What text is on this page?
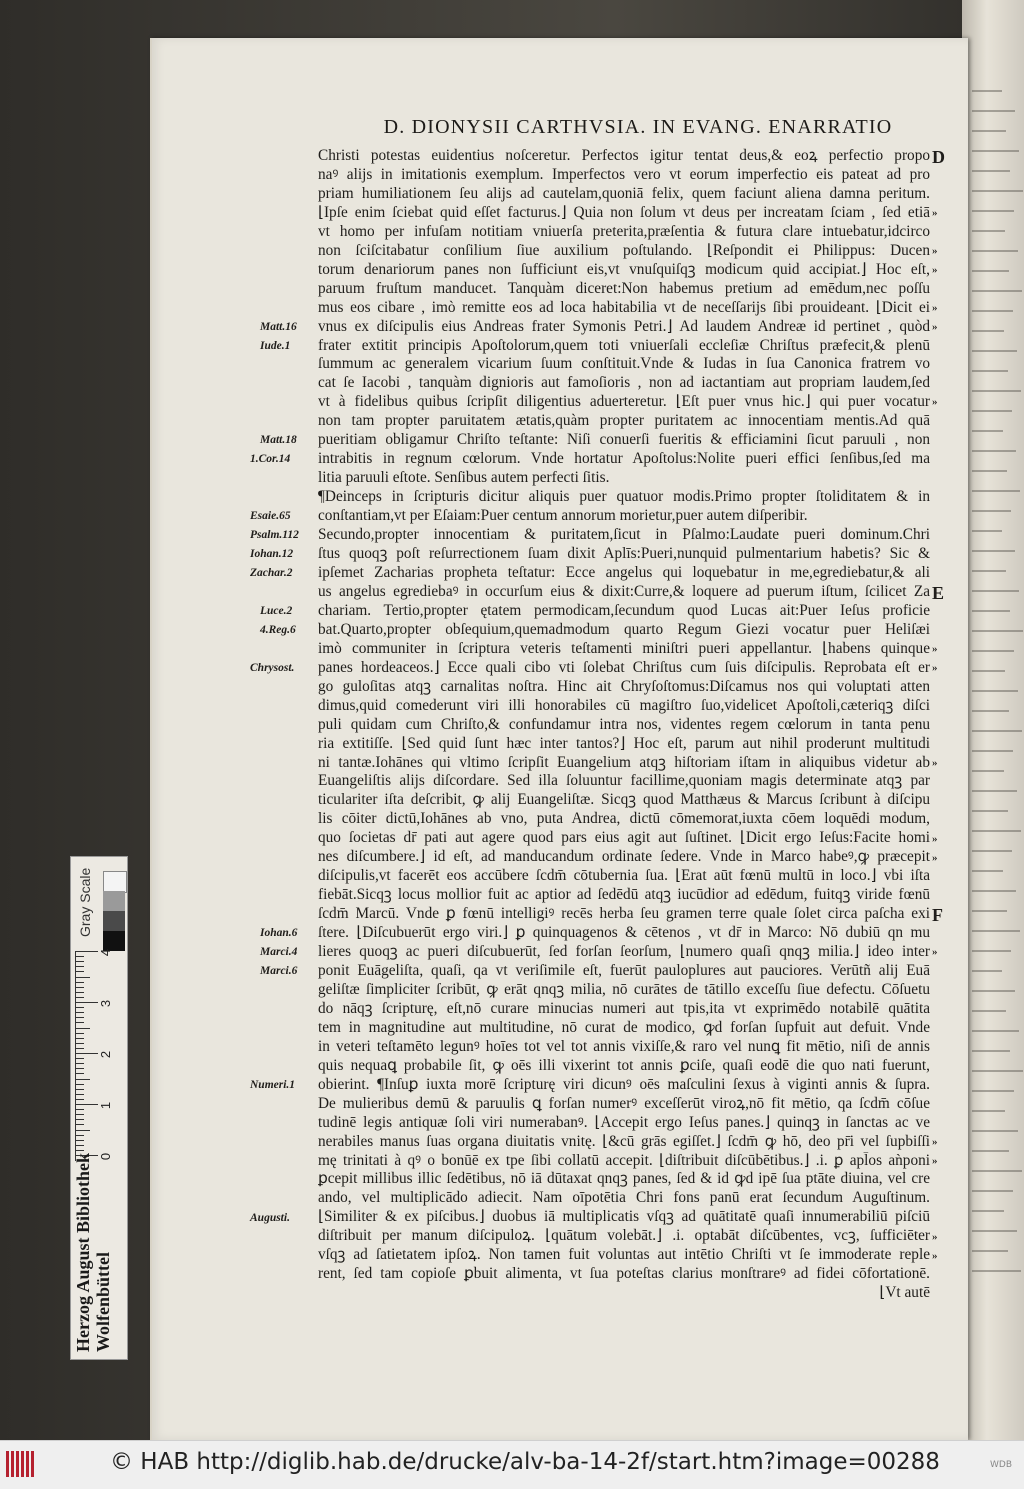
D. DIONYSII CARTHVSIA. IN EVANG. ENARRATIO
Christi potestas euidentius noſceretur. Perfectos igitur tentat deus,& eoꝝ perfectio propo
naꝰ alijs in imitationis exemplum. Imperfectos vero vt eorum imperfectio eis pateat ad pro
priam humiliationem ſeu alijs ad cautelam,quoniā felix, quem faciunt aliena damna peritum.
⌊Ipſe enim ſciebat quid eſſet facturus.⌋ Quia non ſolum vt deus per increatam ſciam , ſed etiā
vt homo per infuſam notitiam vniuerſa preterita,præſentia & futura clare intuebatur,idcirco
non ſciſcitabatur conſilium ſiue auxilium poſtulando. ⌊Reſpondit ei Philippus: Ducen
torum denariorum panes non ſufficiunt eis,vt vnuſquiſqꝫ modicum quid accipiat.⌋ Hoc eſt,
paruum fruſtum manducet. Tanquàm diceret:Non habemus pretium ad emēdum,nec poſſu
mus eos cibare , imò remitte eos ad loca habitabilia vt de neceſſarijs ſibi prouideant. ⌊Dicit ei
vnus ex diſcipulis eius Andreas frater Symonis Petri.⌋ Ad laudem Andreæ id pertinet , quòd
frater extitit principis Apoſtolorum,quem toti vniuerſali eccleſiæ Chriſtus præfecit,& plenū
ſummum ac generalem vicarium ſuum conſtituit.Vnde & Iudas in ſua Canonica fratrem vo
cat ſe Iacobi , tanquàm dignioris aut famoſioris , non ad iactantiam aut propriam laudem,ſed
vt à fidelibus quibus ſcripſit diligentius aduerteretur. ⌊Eſt puer vnus hic.⌋ qui puer vocatur
non tam propter paruitatem ætatis,quàm propter puritatem ac innocentiam mentis.Ad quā
pueritiam obligamur Chriſto teſtante: Niſi conuerſi fueritis & efficiamini ſicut paruuli , non
intrabitis in regnum cœlorum. Vnde hortatur Apoſtolus:Nolite pueri effici ſenſibus,ſed ma
litia paruuli eſtote. Senſibus autem perfecti ſitis.
¶Deinceps in ſcripturis dicitur aliquis puer quatuor modis.Primo propter ſtoliditatem & in
conſtantiam,vt per Eſaiam:Puer centum annorum morietur,puer autem diſperibir.
Secundo,propter innocentiam & puritatem,ſicut in Pſalmo:Laudate pueri dominum.Chri
ſtus quoqꝫ poſt reſurrectionem ſuam dixit Aplīs:Pueri,nunquid pulmentarium habetis? Sic &
ipſemet Zacharias propheta teſtatur: Ecce angelus qui loquebatur in me,egrediebatur,& ali
us angelus egrediebaꝰ in occurſum eius & dixit:Curre,& loquere ad puerum iſtum, ſcilicet Za
chariam. Tertio,propter ętatem permodicam,ſecundum quod Lucas ait:Puer Ieſus proficie
bat.Quarto,propter obſequium,quemadmodum quarto Regum Giezi vocatur puer Heliſæi
imò communiter in ſcriptura veteris teſtamenti miniſtri pueri appellantur. ⌊habens quinque
panes hordeaceos.⌋ Ecce quali cibo vti ſolebat Chriſtus cum ſuis diſcipulis. Reprobata eſt er
go guloſitas atqꝫ carnalitas noſtra. Hinc ait Chryſoſtomus:Diſcamus nos qui voluptati atten
dimus,quid comederunt viri illi honorabiles cū magiſtro ſuo,videlicet Apoſtoli,cæteriqꝫ diſci
puli quidam cum Chriſto,& confundamur intra nos, videntes regem cœlorum in tanta penu
ria extitiſſe. ⌊Sed quid ſunt hæc inter tantos?⌋ Hoc eſt, parum aut nihil proderunt multitudi
ni tantæ.Iohānes qui vltimo ſcripſit Euangelium atqꝫ hiſtoriam iſtam in aliquibus videtur ab
Euangeliſtis alijs diſcordare. Sed illa ſoluuntur facillime,quoniam magis determinate atqꝫ par
ticulariter iſta deſcribit, ꝙ alij Euangeliſtæ. Sicqꝫ quod Matthæus & Marcus ſcribunt à diſcipu
lis cōiter dictū,Iohānes ab vno, puta Andrea, dictū cōmemorat,iuxta cōem loquēdi modum,
quo ſocietas dr̄ pati aut agere quod pars eius agit aut ſuſtinet. ⌊Dicit ergo Ieſus:Facite homi
nes diſcumbere.⌋ id eſt, ad manducandum ordinate ſedere. Vnde in Marco habeꝰ,ꝙ præcepit
diſcipulis,vt facerēt eos accūbere ſcdm̄ cōtubernia ſua. ⌊Erat aūt fœnū multū in loco.⌋ vbi iſta
fiebāt.Sicqꝫ locus mollior fuit ac aptior ad ſedēdū atqꝫ iucūdior ad edēdum, fuitqꝫ viride fœnū
ſcdm̄ Marcū. Vnde ꝑ fœnū intelligiꝰ recēs herba ſeu gramen terre quale ſolet circa paſcha exi
ſtere. ⌊Diſcubuerūt ergo viri.⌋ ꝑ quinquagenos & cētenos , vt dr̄ in Marco: Nō dubiū qn mu
lieres quoqꝫ ac pueri diſcubuerūt, ſed forſan ſeorſum, ⌊numero quaſi qnqꝫ milia.⌋ ideo inter
ponit Euāgeliſta, quaſi, qa vt veriſimile eſt, fuerūt pauloplures aut pauciores. Verūtñ alij Euā
geliſtæ ſimpliciter ſcribūt, ꝙ erāt qnqꝫ milia, nō curātes de tātillo exceſſu ſiue defectu. Cōſuetu
do nāqꝫ ſcripturę, eſt,nō curare minucias numeri aut tpis,ita vt exprimēdo notabilē quātita
tem in magnitudine aut multitudine, nō curat de modico, ꝙd forſan ſupfuit aut defuit. Vnde
in veteri teſtamēto legunꝰ hoīes tot vel tot annis vixiſſe,& raro vel nunꝗ fit mētio, niſi de annis
quis nequaꝗ probabile ſit, ꝙ oēs illi vixerint tot annis ꝑciſe, quaſi eodē die quo nati fuerunt,
obierint. ¶Inſuꝑ iuxta morē ſcripturę viri dicunꝰ oēs maſculini ſexus à viginti annis & ſupra.
De mulieribus demū & paruulis ꝗ forſan numerꝰ exceſſerūt viroꝝ,nō fit mētio, qa ſcdm̄ cōſue
tudinē legis antiquæ ſoli viri numerabanꝰ. ⌊Accepit ergo Ieſus panes.⌋ quinqꝫ in ſanctas ac ve
nerabiles manus ſuas organa diuitatis vnitę. ⌊&cū grās egiſſet.⌋ ſcdm̄ ꝙ hō, deo pr̄i vel ſupbiſſi
mę trinitati à qꝰ o bonūē ex tpe ſibi collatū accepit. ⌊diſtribuit diſcūbētibus.⌋ .i. ꝑ apl̄os aǹponi
ꝑcepit millibus illic ſedētibus, nō iā dūtaxat qnqꝫ panes, ſed & id ꝙd ipē ſua ptāte diuina, vel cre
ando, vel multiplicādo adiecit. Nam oīpotētia Chri fons panū erat ſecundum Auguſtinum.
⌊Similiter & ex piſcibus.⌋ duobus iā multiplicatis vſqꝫ ad quātitatē quaſi innumerabiliū piſciū
diſtribuit per manum diſcipuloꝝ. ⌊quātum volebāt.⌋ .i. optabāt diſcūbentes, vcꝫ, ſufficiēter
vſqꝫ ad ſatietatem ipſoꝝ. Non tamen fuit voluntas aut intētio Chriſti vt ſe immoderate reple
rent, ſed tam copioſe ꝑbuit alimenta, vt ſua poteſtas clarius monſtrareꝰ ad fidei cōfortationē.
⌊Vt autē
Matt.16
Iude.1
Matt.18
1.Cor.14
Esaie.65
Psalm.112
Iohan.12
Zachar.2
Luce.2
4.Reg.6
Chrysost.
Iohan.6
Marci.4
Marci.6
Numeri.1
Augusti.
»
»
»
»
»
»
»
»
»
»
»
»
»
»
»
»
D
E
F
Gray Scale
4
3
2
1
0
Herzog August Bibliothek Wolfenbüttel
© HAB http://diglib.hab.de/drucke/alv-ba-14-2f/start.htm?image=00288	WDB
